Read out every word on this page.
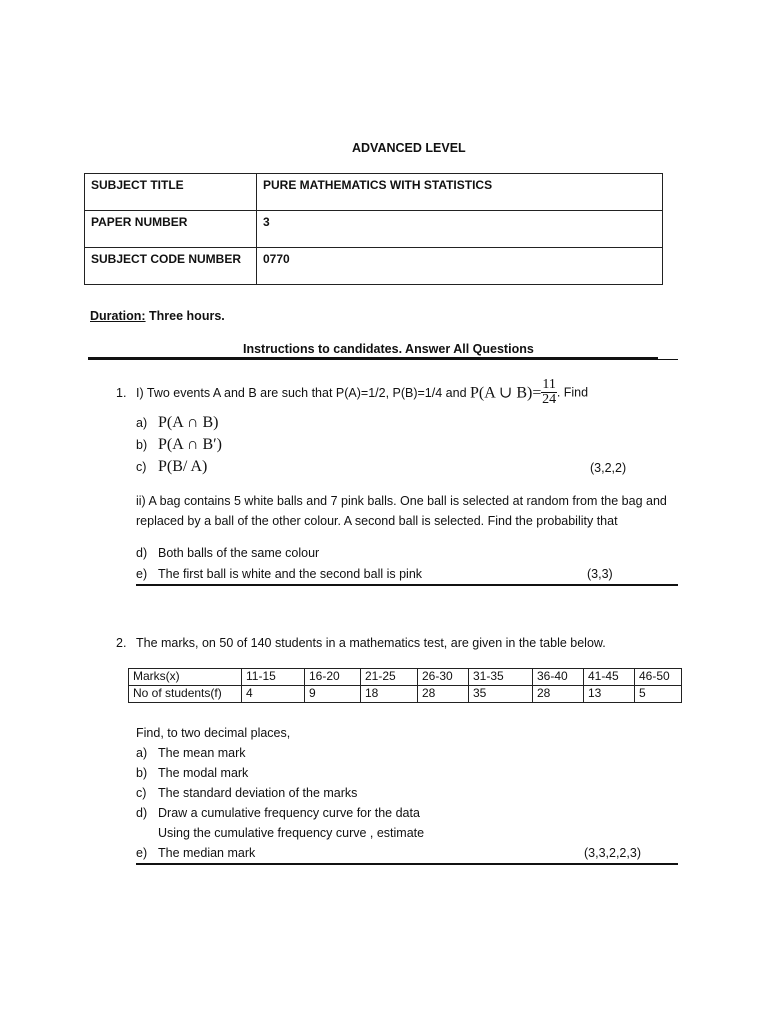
ADVANCED LEVEL
SUBJECT TITLE	PURE MATHEMATICS WITH STATISTICS
PAPER NUMBER	3
SUBJECT CODE NUMBER	0770
Duration: Three hours.
Instructions to candidates. Answer All Questions
1. I) Two events A and B are such that P(A)=1/2, P(B)=1/4 and P(A ∪ $B)= \frac{11}{24}$ . Find
a) P(A ∩ B)
b) P(A ∩ B′)
c) P(B/ A)	(3,2,2)
ii) A bag contains 5 white balls and 7 pink balls. One ball is selected at random from the bag and
replaced by a ball of the other colour. A second ball is selected. Find the probability that
d) Both balls of the same colour
e) The first ball is white and the second ball is pink	(3,3)
2. The marks, on 50 of 140 students in a mathematics test, are given in the table below.
Marks(x)	11-15	16-20	21-25	26-30	31-35	36-40	41-45	46-50
No of students(f)	4	9	18	28	35	28	13	5
Find, to two decimal places,
a) The mean mark
b) The modal mark
c) The standard deviation of the marks
d) Draw a cumulative frequency curve for the data
Using the cumulative frequency curve , estimate
e) The median mark	(3,3,2,2,3)
